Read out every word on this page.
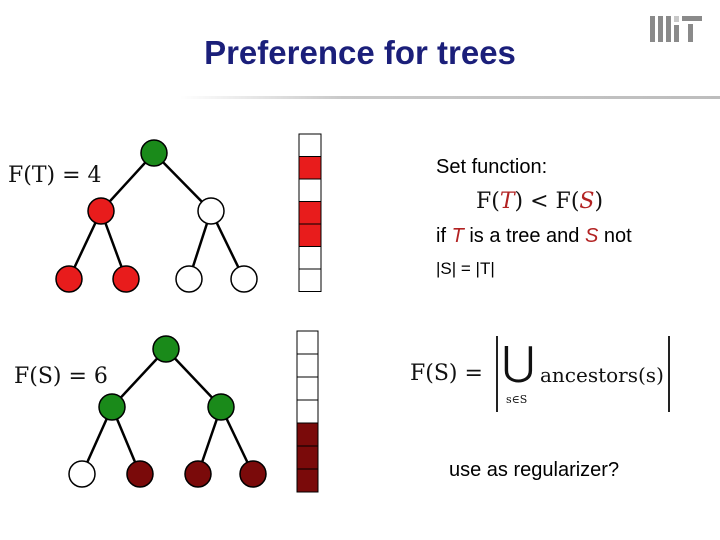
Preference for trees
F(T) = 4
F(S) = 6
Set function:
F(T) < F(S)
if T is a tree and S not
|S| = |T|
F(S) = ⋃
s∈S
ancestors(s)
use as regularizer?
